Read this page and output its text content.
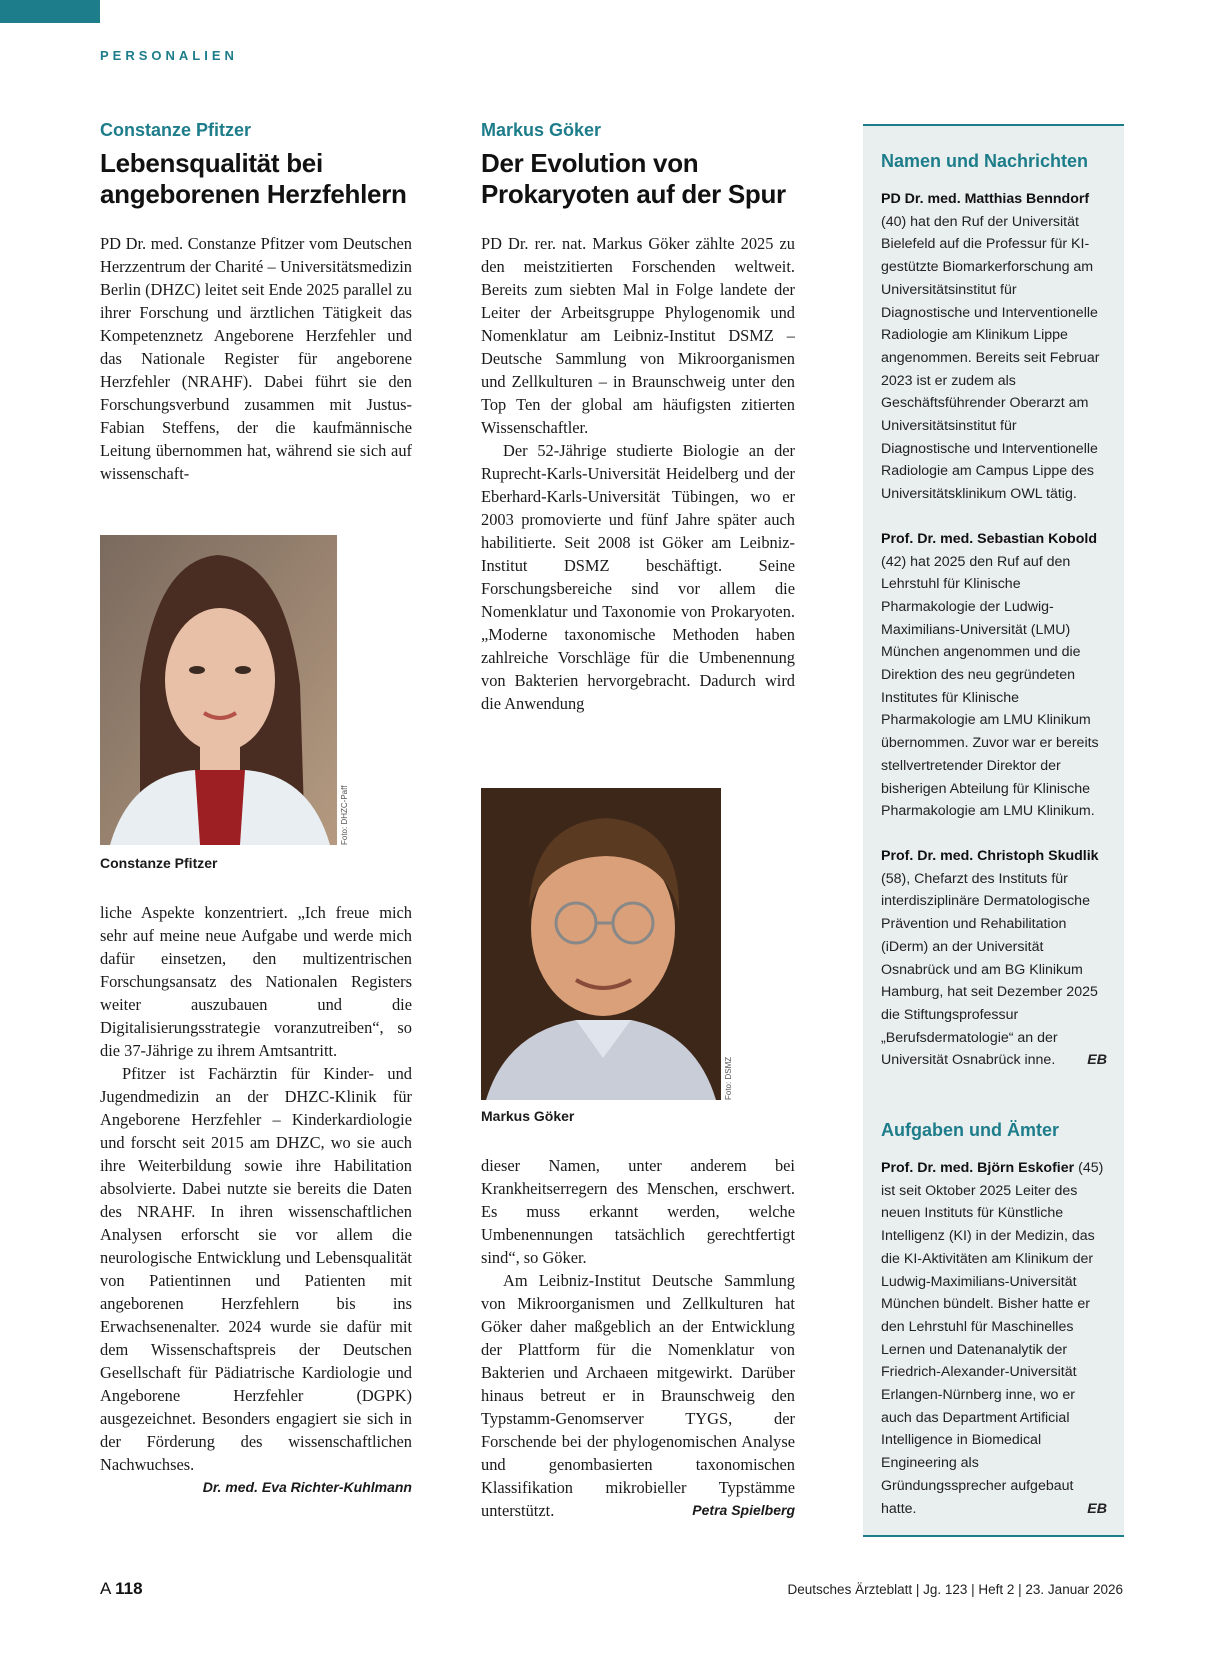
PERSONALIEN
Constanze Pfitzer
Lebensqualität bei angeborenen Herzfehlern

PD Dr. med. Constanze Pfitzer vom Deutschen Herzzentrum der Charité – Universitätsmedizin Berlin (DHZC) leitet seit Ende 2025 parallel zu ihrer Forschung und ärztlichen Tätigkeit das Kompetenznetz Angeborene Herzfehler und das Nationale Register für angeborene Herzfehler (NRAHF). Dabei führt sie den Forschungsverbund zusammen mit Justus-Fabian Steffens, der die kaufmännische Leitung übernommen hat, während sie sich auf wissenschaft-

Foto: DHZC-Paff
Constanze Pfitzer

liche Aspekte konzentriert. „Ich freue mich sehr auf meine neue Aufgabe und werde mich dafür einsetzen, den multizentrischen Forschungsansatz des Nationalen Registers weiter auszubauen und die Digitalisierungsstrategie voranzutreiben“, so die 37-Jährige zu ihrem Amtsantritt.

Pfitzer ist Fachärztin für Kinder- und Jugendmedizin an der DHZC-Klinik für Angeborene Herzfehler – Kinderkardiologie und forscht seit 2015 am DHZC, wo sie auch ihre Weiterbildung sowie ihre Habilitation absolvierte. Dabei nutzte sie bereits die Daten des NRAHF. In ihren wissenschaftlichen Analysen erforscht sie vor allem die neurologische Entwicklung und Lebensqualität von Patientinnen und Patienten mit angeborenen Herzfehlern bis ins Erwachsenenalter. 2024 wurde sie dafür mit dem Wissenschaftspreis der Deutschen Gesellschaft für Pädiatrische Kardiologie und Angeborene Herzfehler (DGPK) ausgezeichnet. Besonders engagiert sie sich in der Förderung des wissenschaftlichen Nachwuchses.
Dr. med. Eva Richter-Kuhlmann

Markus Göker
Der Evolution von Prokaryoten auf der Spur

PD Dr. rer. nat. Markus Göker zählte 2025 zu den meistzitierten Forschenden weltweit. Bereits zum siebten Mal in Folge landete der Leiter der Arbeitsgruppe Phylogenomik und Nomenklatur am Leibniz-Institut DSMZ – Deutsche Sammlung von Mikroorganismen und Zellkulturen – in Braunschweig unter den Top Ten der global am häufigsten zitierten Wissenschaftler.

Der 52-Jährige studierte Biologie an der Ruprecht-Karls-Universität Heidelberg und der Eberhard-Karls-Universität Tübingen, wo er 2003 promovierte und fünf Jahre später auch habilitierte. Seit 2008 ist Göker am Leibniz-Institut DSMZ beschäftigt. Seine Forschungsbereiche sind vor allem die Nomenklatur und Taxonomie von Prokaryoten. „Moderne taxonomische Methoden haben zahlreiche Vorschläge für die Umbenennung von Bakterien hervorgebracht. Dadurch wird die Anwendung

Foto: DSMZ
Markus Göker

dieser Namen, unter anderem bei Krankheitserregern des Menschen, erschwert. Es muss erkannt werden, welche Umbenennungen tatsächlich gerechtfertigt sind“, so Göker.

Am Leibniz-Institut Deutsche Sammlung von Mikroorganismen und Zellkulturen hat Göker daher maßgeblich an der Entwicklung der Plattform für die Nomenklatur von Bakterien und Archaeen mitgewirkt. Darüber hinaus betreut er in Braunschweig den Typstamm-Genomserver TYGS, der Forschende bei der phylogenomischen Analyse und genombasierten taxonomischen Klassifikation mikrobieller Typstämme unterstützt.	Petra Spielberg

Namen und Nachrichten

PD Dr. med. Matthias Benndorf (40) hat den Ruf der Universität Bielefeld auf die Professur für KI-gestützte Biomarkerforschung am Universitätsinstitut für Diagnostische und Interventionelle Radiologie am Klinikum Lippe angenommen. Bereits seit Februar 2023 ist er zudem als Geschäftsführender Oberarzt am Universitätsinstitut für Diagnostische und Interventionelle Radiologie am Campus Lippe des Universitätsklinikum OWL tätig.

Prof. Dr. med. Sebastian Kobold (42) hat 2025 den Ruf auf den Lehrstuhl für Klinische Pharmakologie der Ludwig-Maximilians-Universität (LMU) München angenommen und die Direktion des neu gegründeten Institutes für Klinische Pharmakologie am LMU Klinikum übernommen. Zuvor war er bereits stellvertretender Direktor der bisherigen Abteilung für Klinische Pharmakologie am LMU Klinikum.

Prof. Dr. med. Christoph Skudlik (58), Chefarzt des Instituts für interdisziplinäre Dermatologische Prävention und Rehabilitation (iDerm) an der Universität Osnabrück und am BG Klinikum Hamburg, hat seit Dezember 2025 die Stiftungsprofessur „Berufsdermatologie“ an der Universität Osnabrück inne. EB

Aufgaben und Ämter

Prof. Dr. med. Björn Eskofier (45) ist seit Oktober 2025 Leiter des neuen Instituts für Künstliche Intelligenz (KI) in der Medizin, das die KI-Aktivitäten am Klinikum der Ludwig-Maximilians-Universität München bündelt. Bisher hatte er den Lehrstuhl für Maschinelles Lernen und Datenanalytik der Friedrich-Alexander-Universität Erlangen-Nürnberg inne, wo er auch das Department Artificial Intelligence in Biomedical Engineering als Gründungssprecher aufgebaut hatte.	EB

A 118	Deutsches Ärzteblatt | Jg. 123 | Heft 2 | 23. Januar 2026
